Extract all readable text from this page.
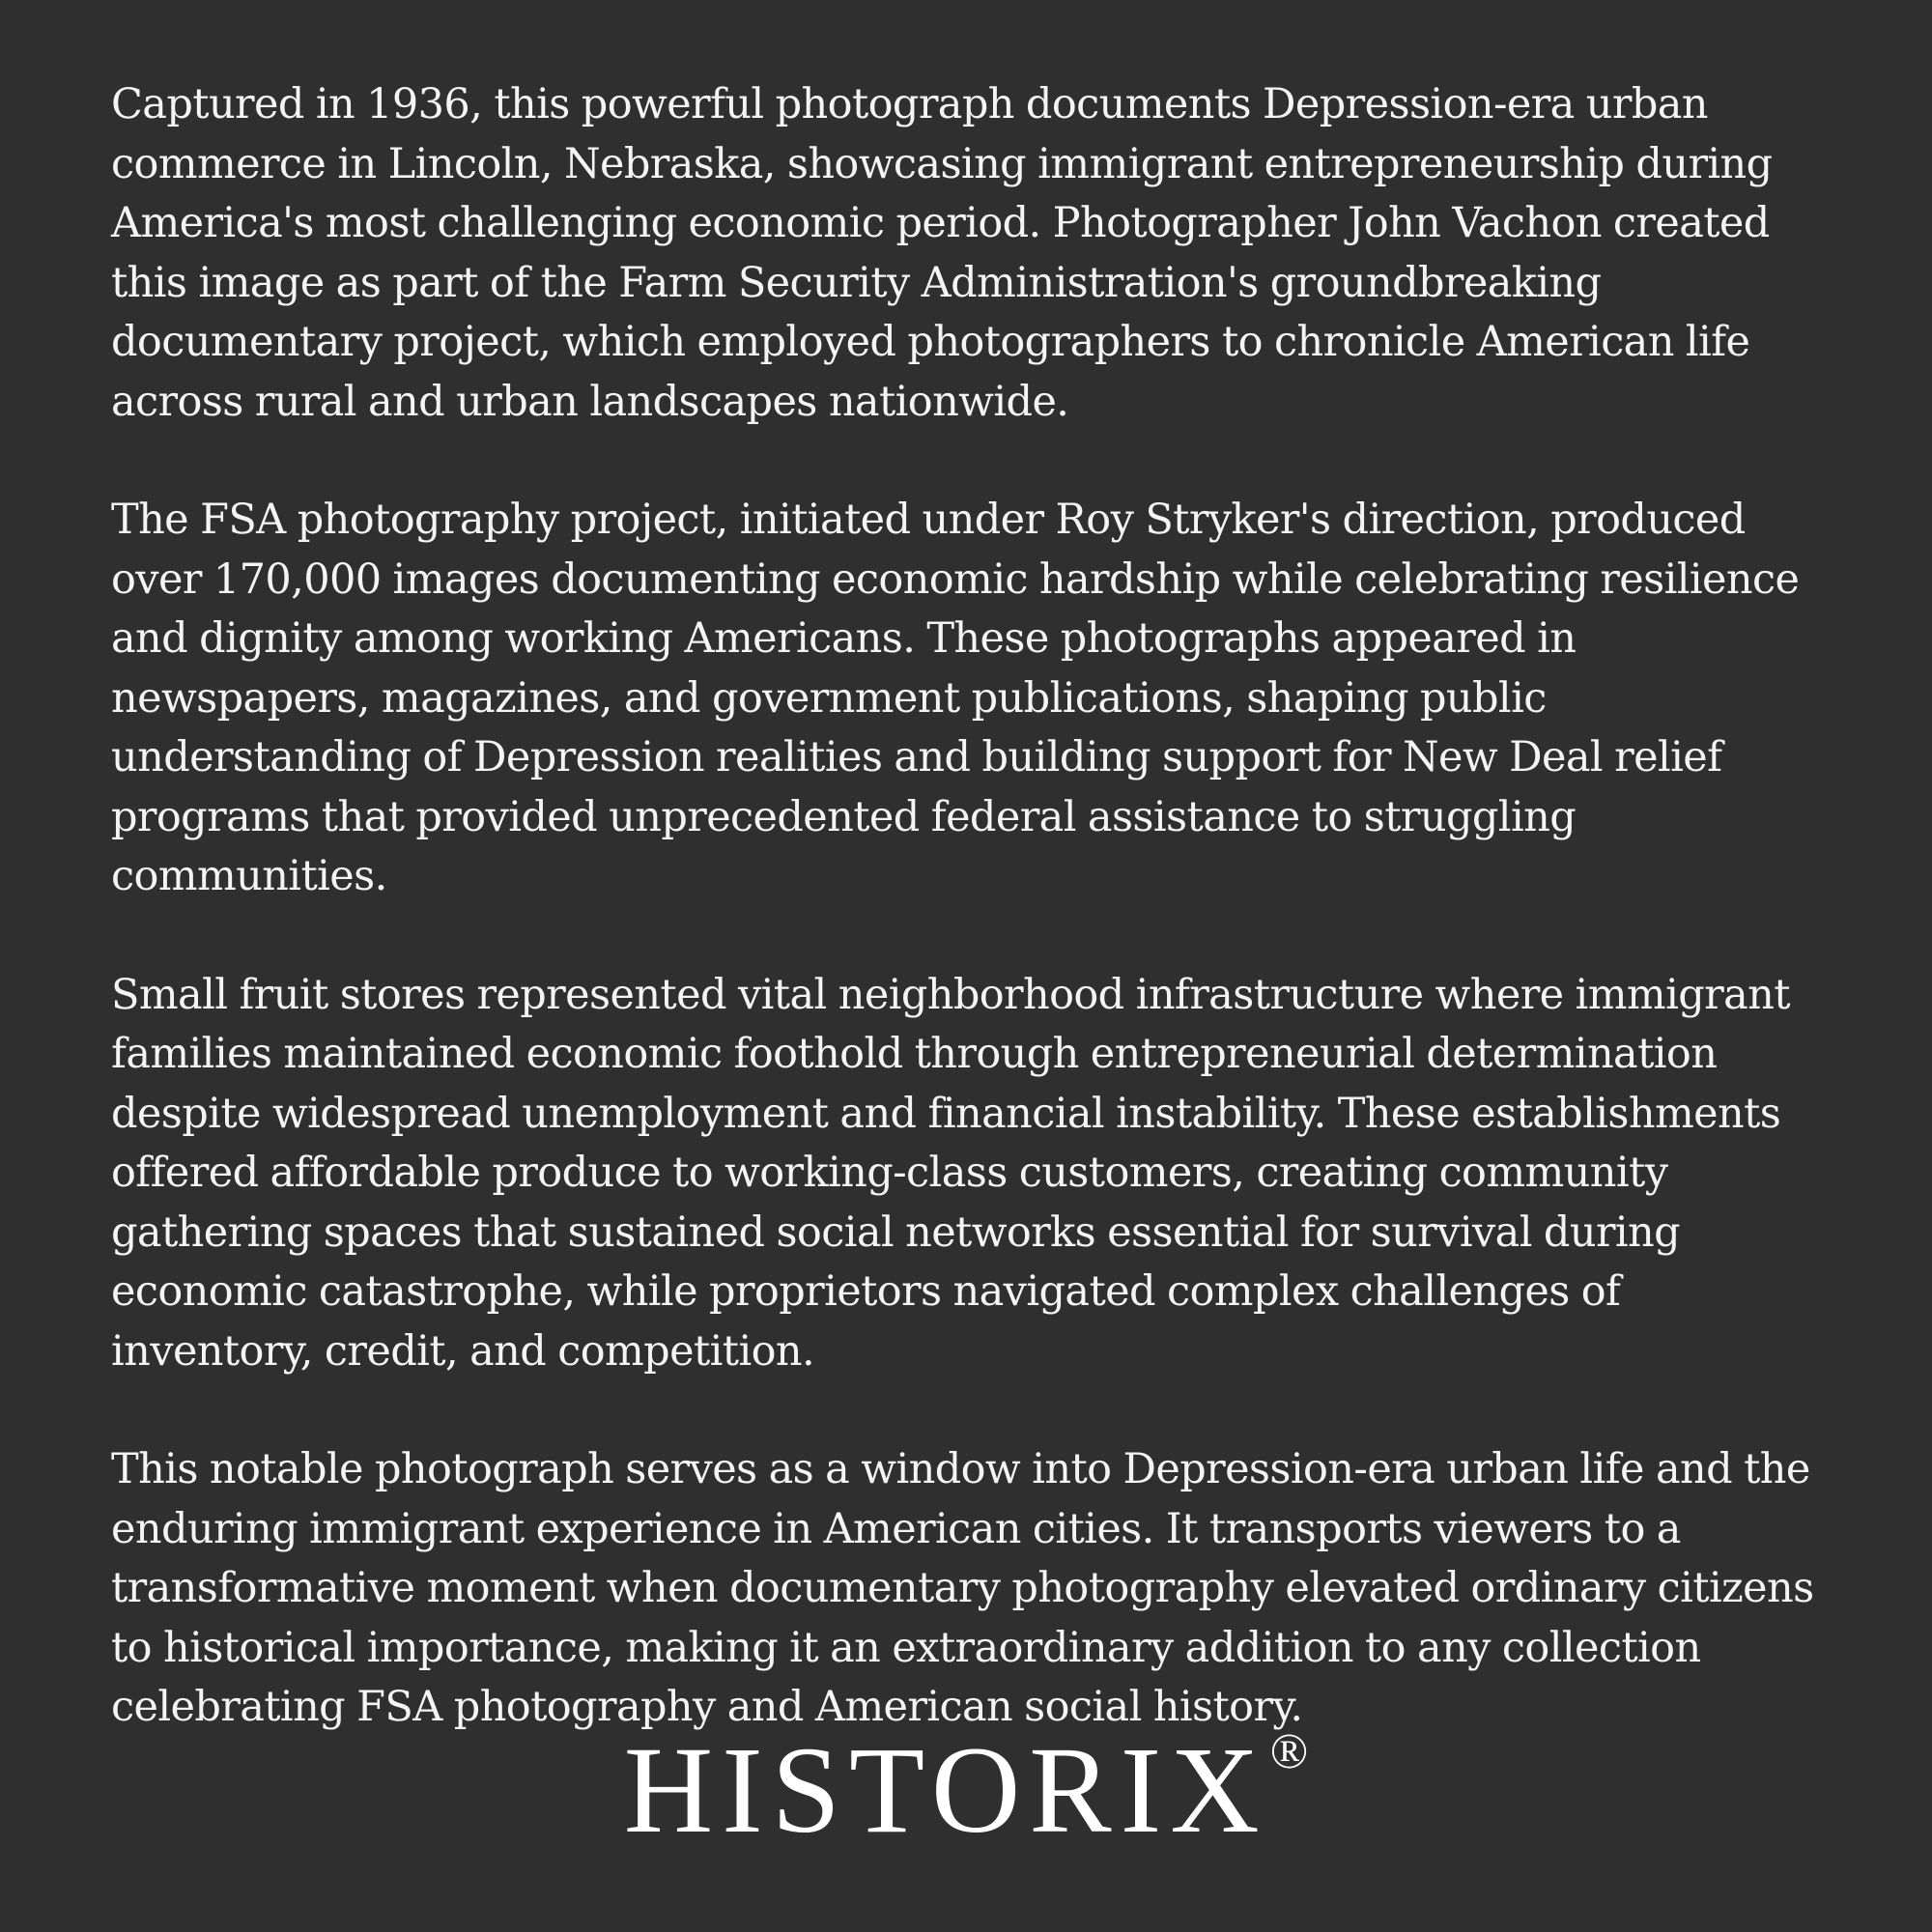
Captured in 1936, this powerful photograph documents Depression-era urban commerce in Lincoln, Nebraska, showcasing immigrant entrepreneurship during America's most challenging economic period. Photographer John Vachon created this image as part of the Farm Security Administration's groundbreaking documentary project, which employed photographers to chronicle American life across rural and urban landscapes nationwide.

The FSA photography project, initiated under Roy Stryker's direction, produced over 170,000 images documenting economic hardship while celebrating resilience and dignity among working Americans. These photographs appeared in newspapers, magazines, and government publications, shaping public understanding of Depression realities and building support for New Deal relief programs that provided unprecedented federal assistance to struggling communities.

Small fruit stores represented vital neighborhood infrastructure where immigrant families maintained economic foothold through entrepreneurial determination despite widespread unemployment and financial instability. These establishments offered affordable produce to working-class customers, creating community gathering spaces that sustained social networks essential for survival during economic catastrophe, while proprietors navigated complex challenges of inventory, credit, and competition.

This notable photograph serves as a window into Depression-era urban life and the enduring immigrant experience in American cities. It transports viewers to a transformative moment when documentary photography elevated ordinary citizens to historical importance, making it an extraordinary addition to any collection celebrating FSA photography and American social history.

HISTORIX®
